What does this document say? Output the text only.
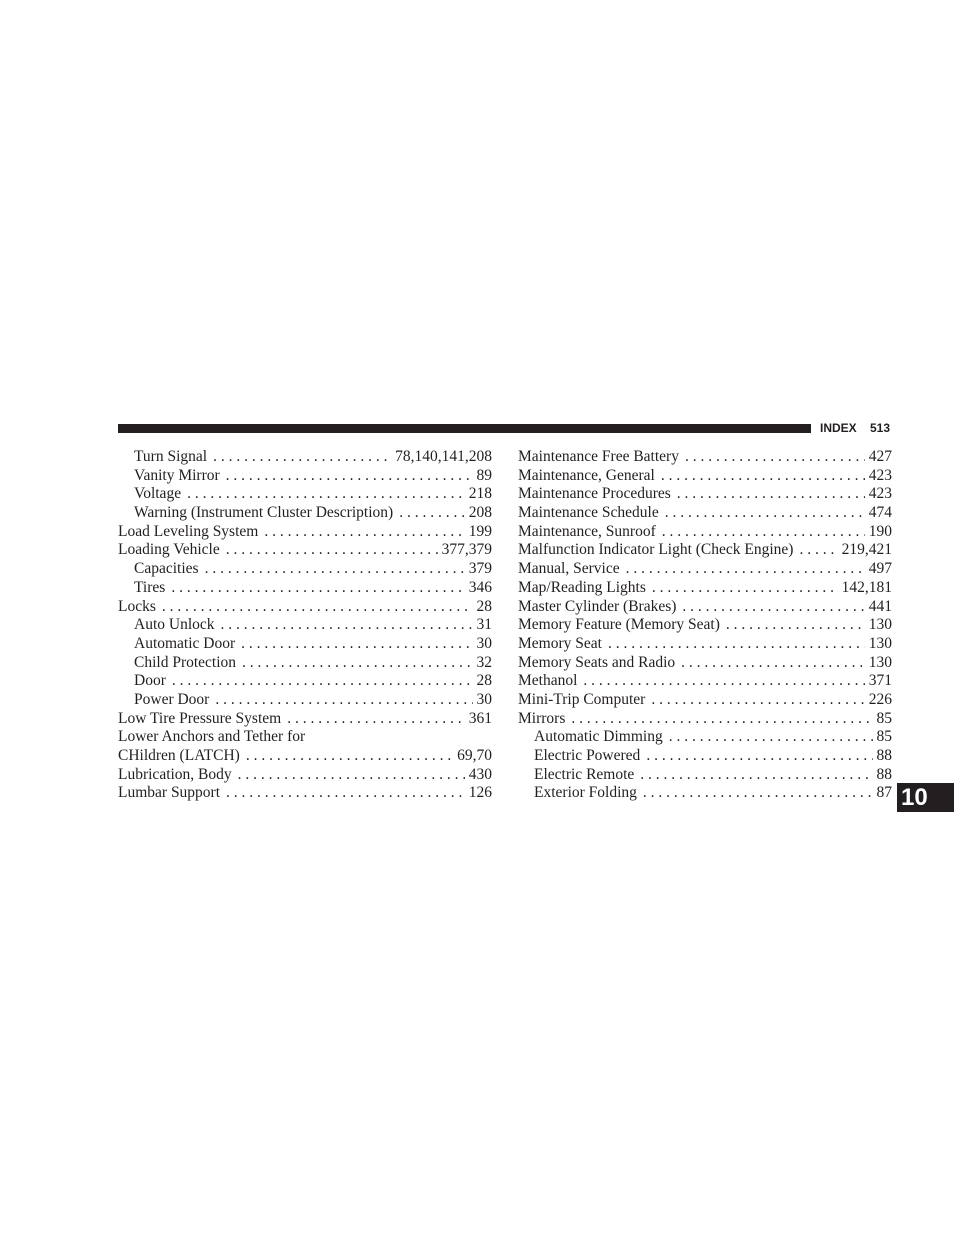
INDEX 513
Turn Signal . . .	78,140,141,208
Vanity Mirror . . .	89
Voltage . . .	218
Warning (Instrument Cluster Description) . . .	208
Load Leveling System . . .	199
Loading Vehicle . . .	377,379
Capacities . . .	379
Tires . . .	346
Locks . . .	28
Auto Unlock . . .	31
Automatic Door . . .	30
Child Protection . . .	32
Door . . .	28
Power Door . . .	30
Low Tire Pressure System . . .	361
Lower Anchors and Tether for
CHildren (LATCH) . . .	69,70
Lubrication, Body . . .	430
Lumbar Support . . .	126
Maintenance Free Battery . . .	427
Maintenance, General . . .	423
Maintenance Procedures . . .	423
Maintenance Schedule . . .	474
Maintenance, Sunroof . . .	190
Malfunction Indicator Light (Check Engine) . . .	219,421
Manual, Service . . .	497
Map/Reading Lights . . .	142,181
Master Cylinder (Brakes) . . .	441
Memory Feature (Memory Seat) . . .	130
Memory Seat . . .	130
Memory Seats and Radio . . .	130
Methanol . . .	371
Mini-Trip Computer . . .	226
Mirrors . . .	85
Automatic Dimming . . .	85
Electric Powered . . .	88
Electric Remote . . .	88
Exterior Folding . . .	87 10
